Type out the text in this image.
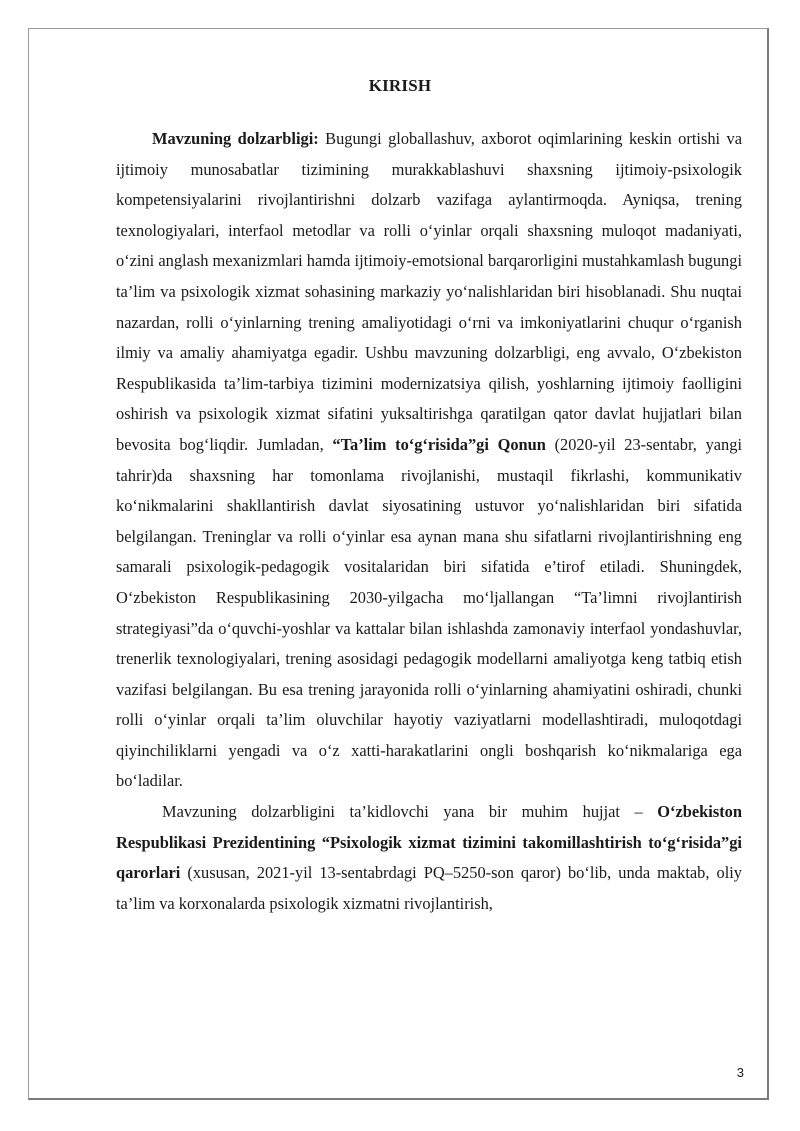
KIRISH

Mavzuning dolzarbligi: Bugungi globallashuv, axborot oqimlarining keskin ortishi va ijtimoiy munosabatlar tizimining murakkablashuvi shaxsning ijtimoiy-psixologik kompetensiyalarini rivojlantirishni dolzarb vazifaga aylantirmoqda. Ayniqsa, trening texnologiyalari, interfaol metodlar va rolli o‘yinlar orqali shaxsning muloqot madaniyati, o‘zini anglash mexanizmlari hamda ijtimoiy-emotsional barqarorligini mustahkamlash bugungi ta’lim va psixologik xizmat sohasining markaziy yo‘nalishlaridan biri hisoblanadi. Shu nuqtai nazardan, rolli o‘yinlarning trening amaliyotidagi o‘rni va imkoniyatlarini chuqur o‘rganish ilmiy va amaliy ahamiyatga egadir. Ushbu mavzuning dolzarbligi, eng avvalo, O‘zbekiston Respublikasida ta’lim-tarbiya tizimini modernizatsiya qilish, yoshlarning ijtimoiy faolligini oshirish va psixologik xizmat sifatini yuksaltirishga qaratilgan qator davlat hujjatlari bilan bevosita bog‘liqdir. Jumladan, “Ta’lim to‘g‘risida”gi Qonun (2020-yil 23-sentabr, yangi tahrir)da shaxsning har tomonlama rivojlanishi, mustaqil fikrlashi, kommunikativ ko‘nikmalarini shakllantirish davlat siyosatining ustuvor yo‘nalishlaridan biri sifatida belgilangan. Treninglar va rolli o‘yinlar esa aynan mana shu sifatlarni rivojlantirishning eng samarali psixologik-pedagogik vositalaridan biri sifatida e’tirof etiladi. Shuningdek, O‘zbekiston Respublikasining 2030-yilgacha mo‘ljallangan “Ta’limni rivojlantirish strategiyasi”da o‘quvchi-yoshlar va kattalar bilan ishlashda zamonaviy interfaol yondashuvlar, trenerlik texnologiyalari, trening asosidagi pedagogik modellarni amaliyotga keng tatbiq etish vazifasi belgilangan. Bu esa trening jarayonida rolli o‘yinlarning ahamiyatini oshiradi, chunki rolli o‘yinlar orqali ta’lim oluvchilar hayotiy vaziyatlarni modellashtiradi, muloqotdagi qiyinchiliklarni yengadi va o‘z xatti-harakatlarini ongli boshqarish ko‘nikmalariga ega bo‘ladilar.

Mavzuning dolzarbligini ta’kidlovchi yana bir muhim hujjat – O‘zbekiston Respublikasi Prezidentining “Psixologik xizmat tizimini takomillashtirish to‘g‘risida”gi qarorlari (xususan, 2021-yil 13-sentabrdagi PQ–5250-son qaror) bo‘lib, unda maktab, oliy ta’lim va korxonalarda psixologik xizmatni rivojlantirish,

3
